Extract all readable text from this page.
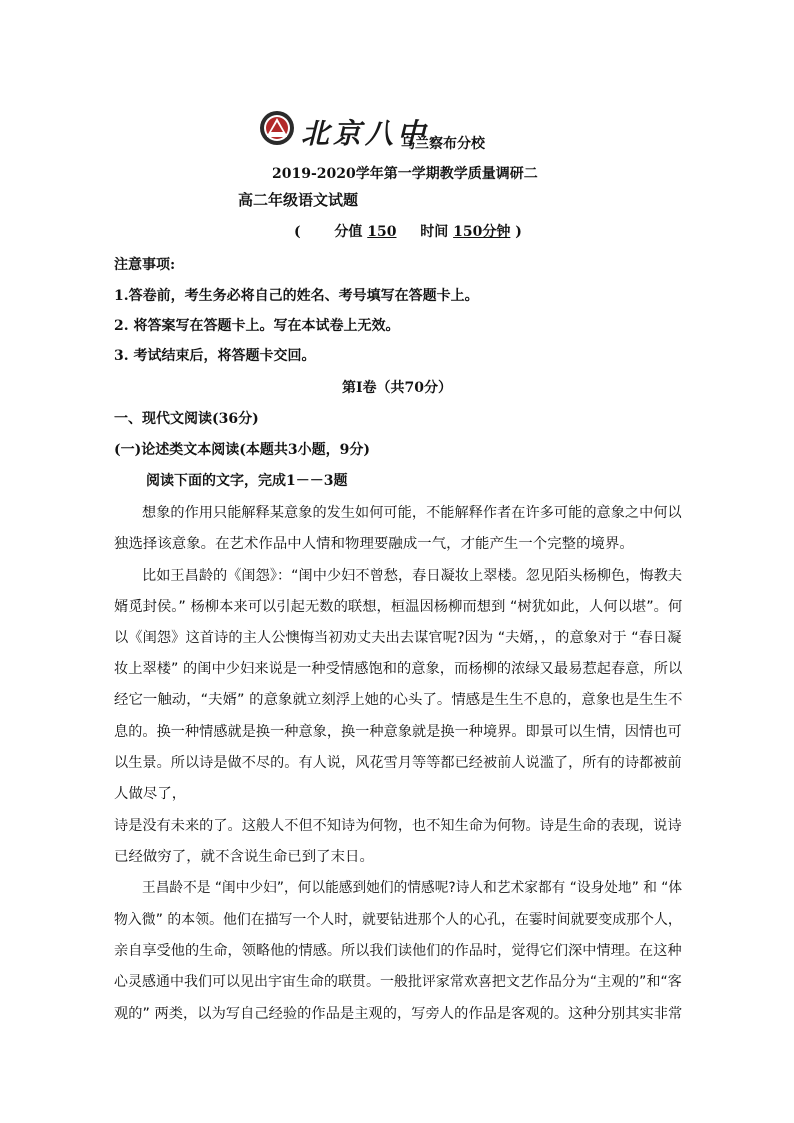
北京八中
乌兰察布分校
2019-2020学年第一学期教学质量调研二
高二年级语文试题
( 分值 150 时间 150分钟 )
注意事项:
1.答卷前，考生务必将自己的姓名、考号填写在答题卡上。
2. 将答案写在答题卡上。写在本试卷上无效。
3. 考试结束后，将答题卡交回。
第Ⅰ卷（共70分）
一、现代文阅读(36分)
(一)论述类文本阅读(本题共3小题，9分)
阅读下面的文字，完成1－－3题
想象的作用只能解释某意象的发生如何可能，不能解释作者在许多可能的意象之中何以
独选择该意象。在艺术作品中人情和物理要融成一气，才能产生一个完整的境界。
比如王昌龄的《闺怨》：“闺中少妇不曾愁，春日凝妆上翠楼。忽见陌头杨柳色，悔教夫
婿觅封侯。” 杨柳本来可以引起无数的联想，桓温因杨柳而想到 “树犹如此，人何以堪”。何
以《闺怨》这首诗的主人公懊悔当初劝丈夫出去谋官呢?因为 “夫婿，，的意象对于 “春日凝
妆上翠楼” 的闺中少妇来说是一种受情感饱和的意象，而杨柳的浓绿又最易惹起春意，所以
经它一触动，“夫婿” 的意象就立刻浮上她的心头了。情感是生生不息的，意象也是生生不
息的。换一种情感就是换一种意象，换一种意象就是换一种境界。即景可以生情，因情也可
以生景。所以诗是做不尽的。有人说，风花雪月等等都已经被前人说滥了，所有的诗都被前
人做尽了，
诗是没有未来的了。这般人不但不知诗为何物，也不知生命为何物。诗是生命的表现，说诗
已经做穷了，就不含说生命已到了末日。
王昌龄不是 “闺中少妇”，何以能感到她们的情感呢?诗人和艺术家都有 “设身处地” 和 “体
物入微” 的本领。他们在描写一个人时，就要钻进那个人的心孔，在霎时间就要变成那个人，
亲自享受他的生命，领略他的情感。所以我们读他们的作品时，觉得它们深中情理。在这种
心灵感通中我们可以见出宇宙生命的联贯。一般批评家常欢喜把文艺作品分为“主观的”和“客
观的” 两类，以为写自己经验的作品是主观的，写旁人的作品是客观的。这种分别其实非常
